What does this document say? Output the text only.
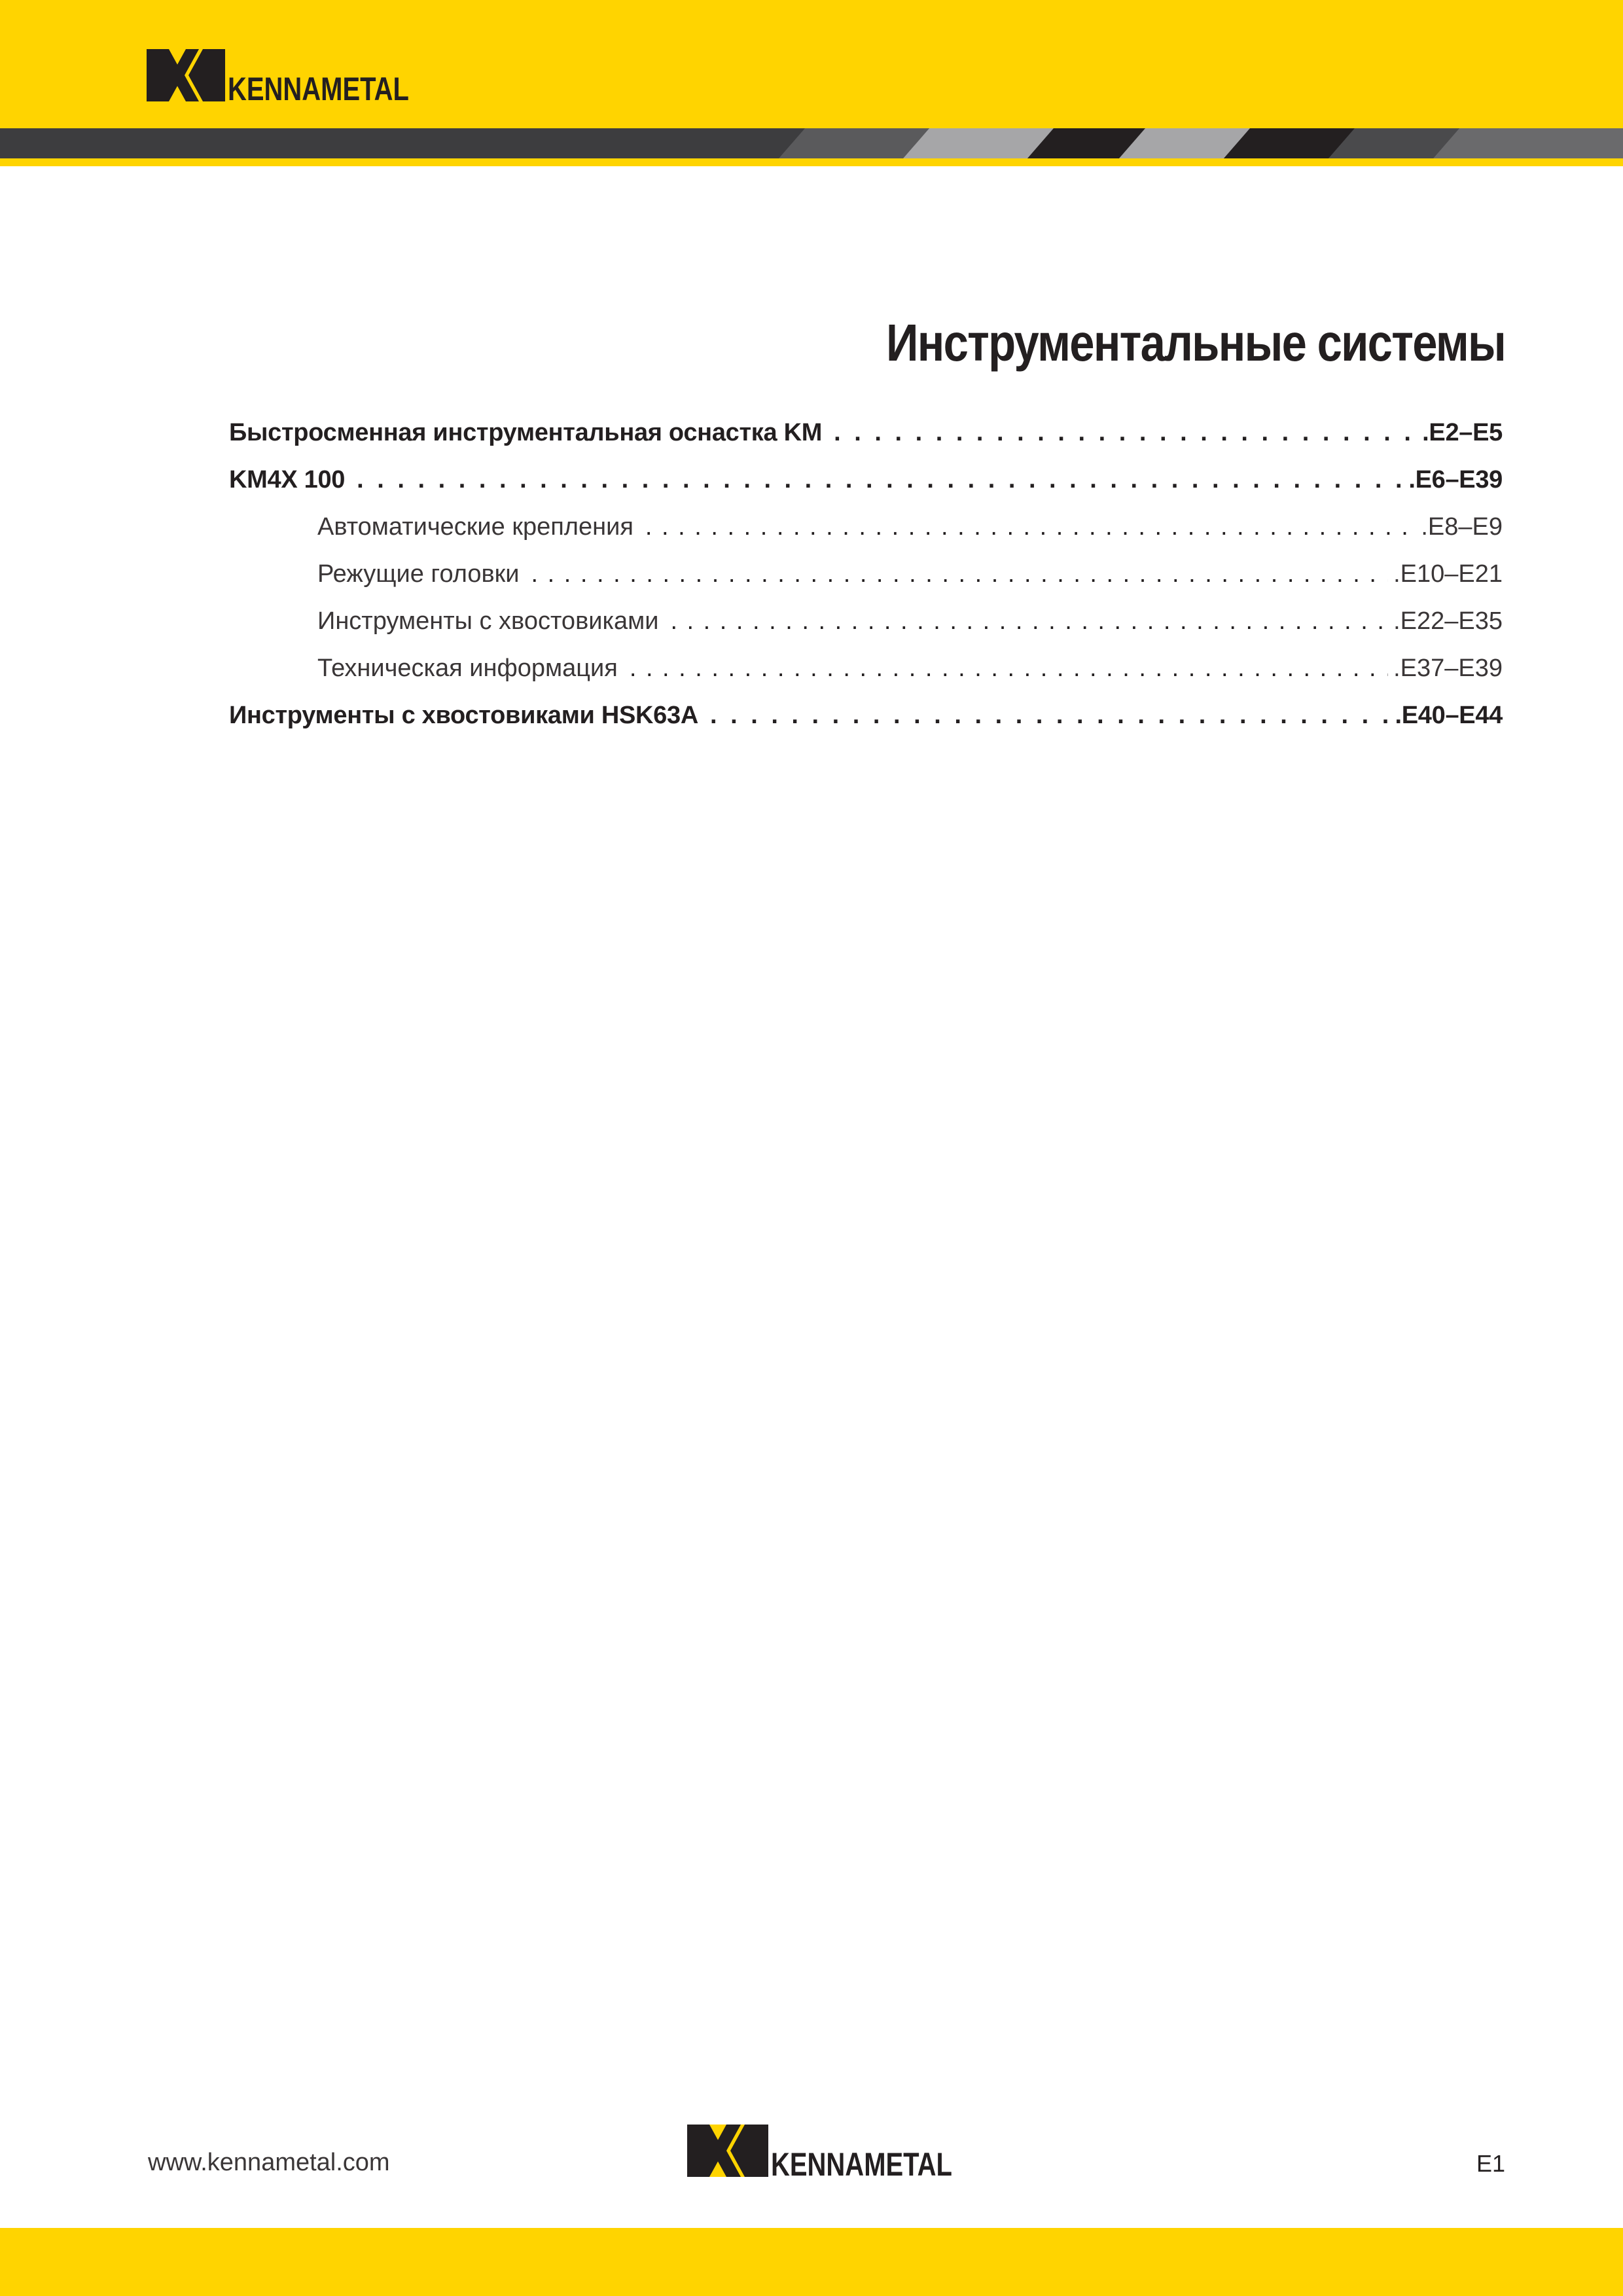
KENNAMETAL
Инструментальные системы
Быстросменная инструментальная оснастка KM . . .	.E2–E5
KM4X 100 . . .	.E6–E39
Автоматические крепления . . .	.E8–E9
Режущие головки . . .	.E10–E21
Инструменты с хвостовиками . . .	.E22–E35
Техническая информация . . .	.E37–E39
Инструменты с хвостовиками HSK63A . . .	.E40–E44
www.kennametal.com	KENNAMETAL	E1
